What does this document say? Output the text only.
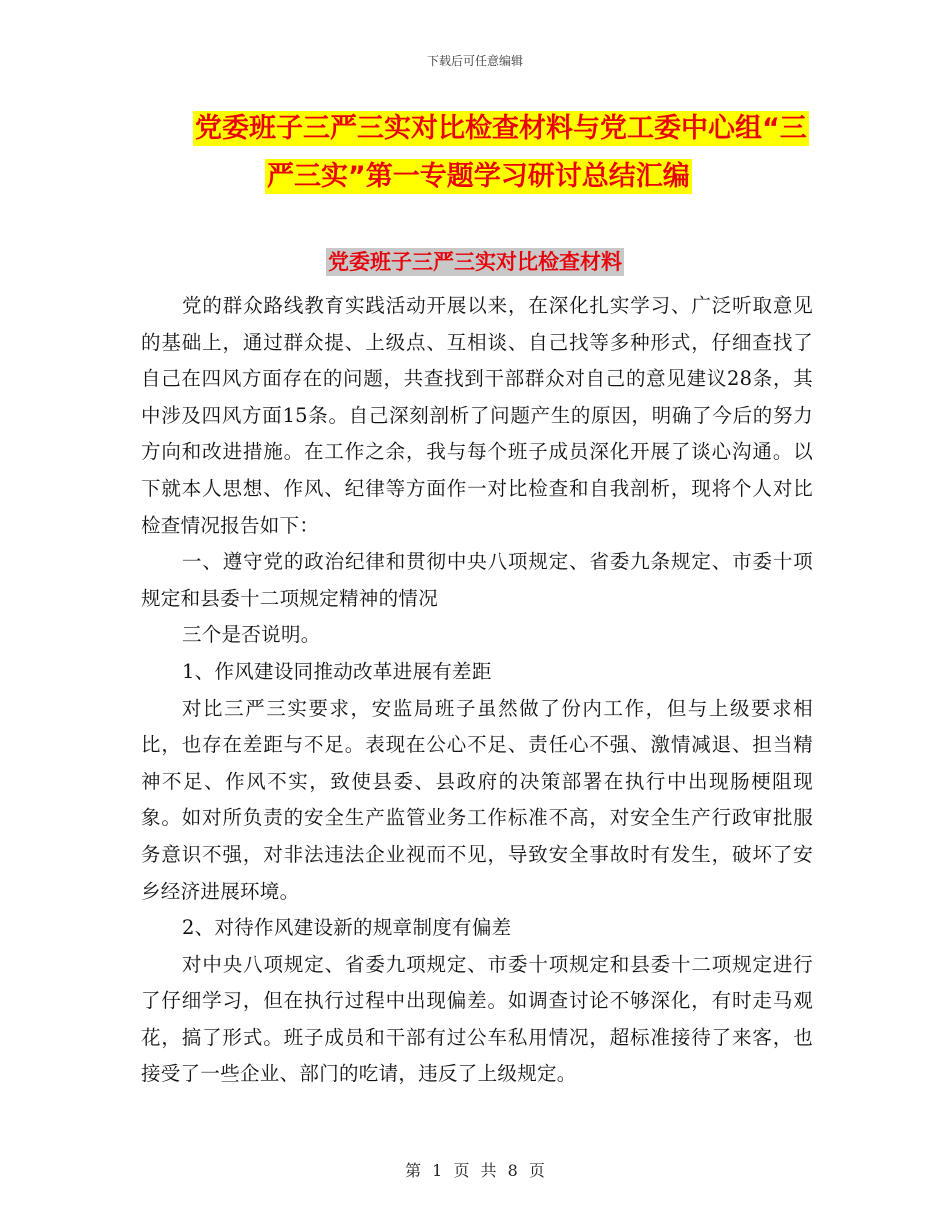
下载后可任意编辑
党委班子三严三实对比检查材料与党工委中心组“三
严三实”第一专题学习研讨总结汇编
党委班子三严三实对比检查材料

党的群众路线教育实践活动开展以来，在深化扎实学习、广泛听取意见的基础上，通过群众提、上级点、互相谈、自己找等多种形式，仔细查找了自己在四风方面存在的问题，共查找到干部群众对自己的意见建议28条，其中涉及四风方面15条。自己深刻剖析了问题产生的原因，明确了今后的努力方向和改进措施。在工作之余，我与每个班子成员深化开展了谈心沟通。以下就本人思想、作风、纪律等方面作一对比检查和自我剖析，现将个人对比检查情况报告如下：

一、遵守党的政治纪律和贯彻中央八项规定、省委九条规定、市委十项规定和县委十二项规定精神的情况

三个是否说明。

1、作风建设同推动改革进展有差距

对比三严三实要求，安监局班子虽然做了份内工作，但与上级要求相比，也存在差距与不足。表现在公心不足、责任心不强、激情减退、担当精神不足、作风不实，致使县委、县政府的决策部署在执行中出现肠梗阻现象。如对所负责的安全生产监管业务工作标准不高，对安全生产行政审批服务意识不强，对非法违法企业视而不见，导致安全事故时有发生，破坏了安乡经济进展环境。

2、对待作风建设新的规章制度有偏差

对中央八项规定、省委九项规定、市委十项规定和县委十二项规定进行了仔细学习，但在执行过程中出现偏差。如调查讨论不够深化，有时走马观花，搞了形式。班子成员和干部有过公车私用情况，超标准接待了来客，也接受了一些企业、部门的吃请，违反了上级规定。

第 1 页 共 8 页
